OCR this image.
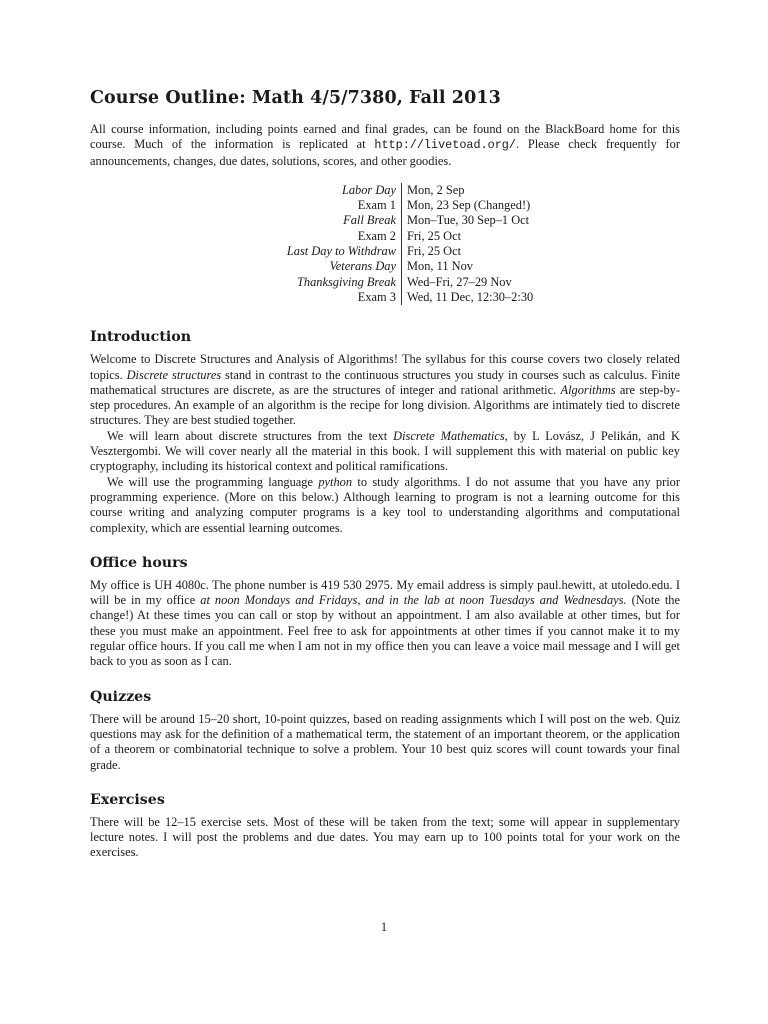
Course Outline: Math 4/5/7380, Fall 2013

All course information, including points earned and final grades, can be found on the BlackBoard home for this course. Much of the information is replicated at http://livetoad.org/. Please check frequently for announcements, changes, due dates, solutions, scores, and other goodies.

Labor Day		Mon, 2 Sep
Exam 1		Mon, 23 Sep (Changed!)
Fall Break		Mon–Tue, 30 Sep–1 Oct
Exam 2		Fri, 25 Oct
Last Day to Withdraw		Fri, 25 Oct
Veterans Day		Mon, 11 Nov
Thanksgiving Break		Wed–Fri, 27–29 Nov
Exam 3		Wed, 11 Dec, 12:30–2:30
Introduction

Welcome to Discrete Structures and Analysis of Algorithms! The syllabus for this course covers two closely related topics. Discrete structures stand in contrast to the continuous structures you study in courses such as calculus. Finite mathematical structures are discrete, as are the structures of integer and rational arithmetic. Algorithms are step-by-step procedures. An example of an algorithm is the recipe for long division. Algorithms are intimately tied to discrete structures. They are best studied together.

We will learn about discrete structures from the text Discrete Mathematics, by L Lovász, J Pelikán, and K Vesztergombi. We will cover nearly all the material in this book. I will supplement this with material on public key cryptography, including its historical context and political ramifications.

We will use the programming language python to study algorithms. I do not assume that you have any prior programming experience. (More on this below.) Although learning to program is not a learning outcome for this course writing and analyzing computer programs is a key tool to understanding algorithms and computational complexity, which are essential learning outcomes.

Office hours

My office is UH 4080c. The phone number is 419 530 2975. My email address is simply paul.hewitt, at utoledo.edu. I will be in my office at noon Mondays and Fridays, and in the lab at noon Tuesdays and Wednesdays. (Note the change!) At these times you can call or stop by without an appointment. I am also available at other times, but for these you must make an appointment. Feel free to ask for appointments at other times if you cannot make it to my regular office hours. If you call me when I am not in my office then you can leave a voice mail message and I will get back to you as soon as I can.

Quizzes

There will be around 15–20 short, 10-point quizzes, based on reading assignments which I will post on the web. Quiz questions may ask for the definition of a mathematical term, the statement of an important theorem, or the application of a theorem or combinatorial technique to solve a problem. Your 10 best quiz scores will count towards your final grade.

Exercises

There will be 12–15 exercise sets. Most of these will be taken from the text; some will appear in supplementary lecture notes. I will post the problems and due dates. You may earn up to 100 points total for your work on the exercises.

1
